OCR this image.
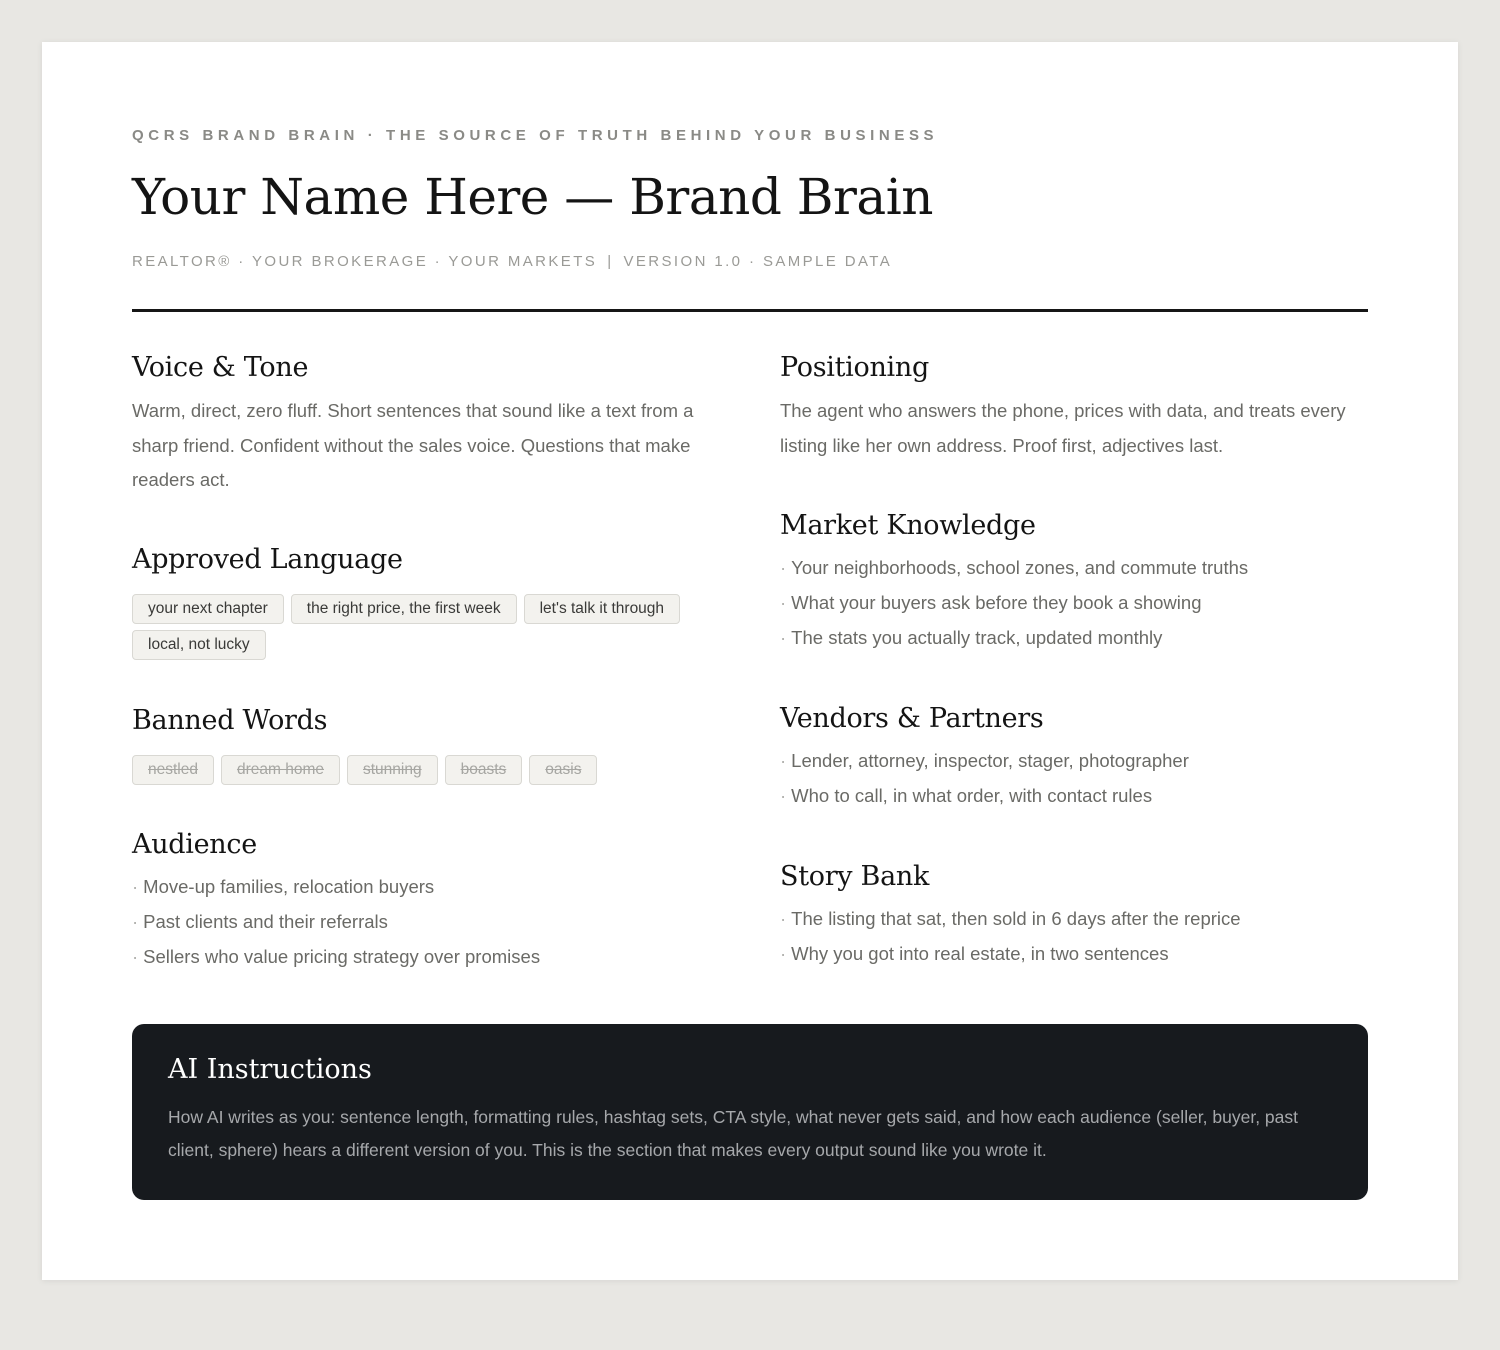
QCRS BRAND BRAIN · THE SOURCE OF TRUTH BEHIND YOUR BUSINESS
Your Name Here — Brand Brain
REALTOR® · YOUR BROKERAGE · YOUR MARKETS | VERSION 1.0 · SAMPLE DATA
Voice & Tone

Warm, direct, zero fluff. Short sentences that sound like a text from a sharp friend. Confident without the sales voice. Questions that make readers act.

Approved Language
your next chapter	the right price, the first week	let's talk it through
local, not lucky
Banned Words
nestled	dream home	stunning	boasts	oasis
Audience
· Move-up families, relocation buyers
· Past clients and their referrals
· Sellers who value pricing strategy over promises
Positioning

The agent who answers the phone, prices with data, and treats every listing like her own address. Proof first, adjectives last.

Market Knowledge
· Your neighborhoods, school zones, and commute truths
· What your buyers ask before they book a showing
· The stats you actually track, updated monthly
Vendors & Partners
· Lender, attorney, inspector, stager, photographer
· Who to call, in what order, with contact rules
Story Bank
· The listing that sat, then sold in 6 days after the reprice
· Why you got into real estate, in two sentences
AI Instructions

How AI writes as you: sentence length, formatting rules, hashtag sets, CTA style, what never gets said, and how each audience (seller, buyer, past client, sphere) hears a different version of you. This is the section that makes every output sound like you wrote it.
